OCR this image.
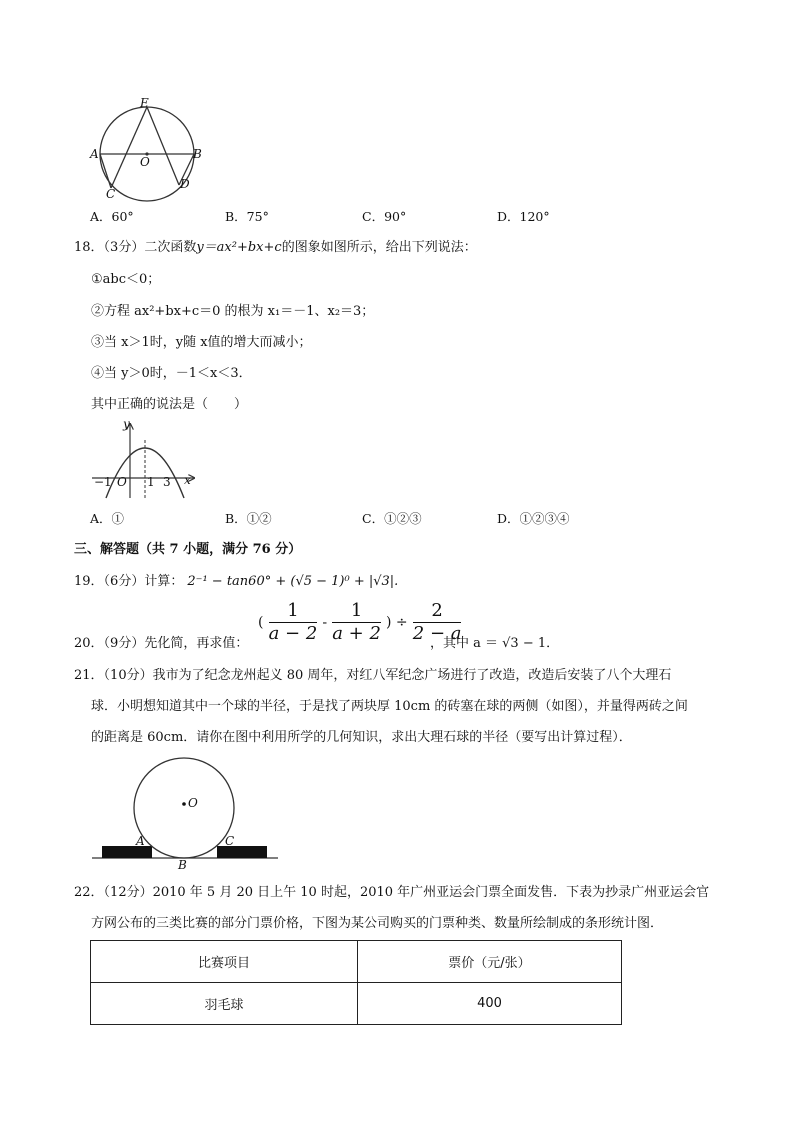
E
A
O
B
C
D
A．60°	B．75°	C．90°	D．120°
18．（3分）二次函数y＝ax²+bx+c的图象如图所示，给出下列说法：
①abc＜0；
②方程 ax²+bx+c＝0 的根为 x₁＝－1、x₂＝3；
③当 x＞1时，y随 x值的增大而减小；
④当 y＞0时，－1＜x＜3．
其中正确的说法是（　　）
y
x
−1 O 1 3
A．①	B．①②	C．①②③	D．①②③④
三、解答题（共 7 小题，满分 76 分）
19．（6分）计算： 2⁻¹ − tan60° + (√5 − 1)⁰ + |√3|.
20．（9分）先化简，再求值：
( $\frac{1}{a - 2} - \frac{1}{a + 2}$ ) ÷ $\frac{2}{2 - a}$
，其中 a ＝ √3 − 1．
21．（10分）我市为了纪念龙州起义 80 周年，对红八军纪念广场进行了改造，改造后安装了八个大理石
球．小明想知道其中一个球的半径，于是找了两块厚 10cm 的砖塞在球的两侧（如图），并量得两砖之间
的距离是 60cm．请你在图中利用所学的几何知识，求出大理石球的半径（要写出计算过程）．
O
A
B
C
22．（12分）2010 年 5 月 20 日上午 10 时起，2010 年广州亚运会门票全面发售．下表为抄录广州亚运会官
方网公布的三类比赛的部分门票价格，下图为某公司购买的门票种类、数量所绘制成的条形统计图．
比赛项目	票价（元/张）
羽毛球	400
